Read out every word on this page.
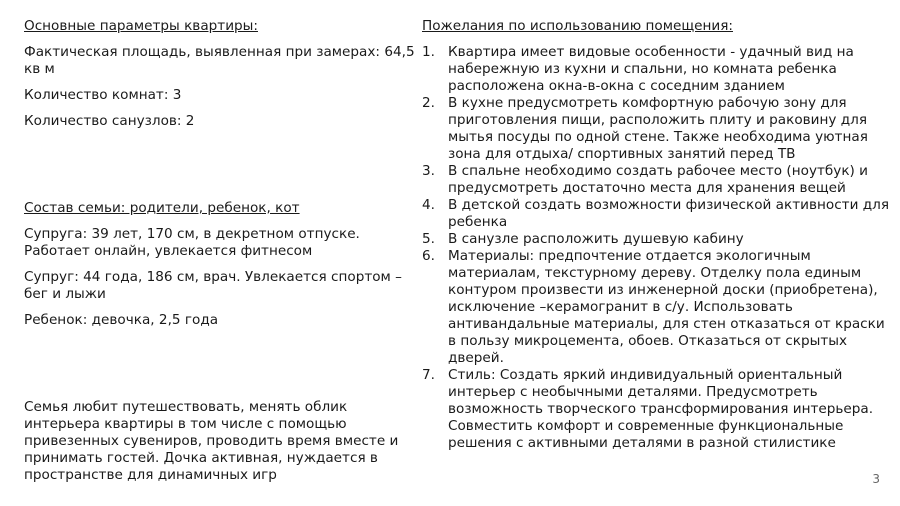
Основные параметры квартиры:

Фактическая площадь, выявленная при замерах: 64,5 кв м

Количество комнат: 3

Количество санузлов: 2

Состав семьи: родители, ребенок, кот

Супруга: 39 лет, 170 см, в декретном отпуске. Работает онлайн, увлекается фитнесом

Супруг: 44 года, 186 см, врач. Увлекается спортом – бег и лыжи

Ребенок: девочка, 2,5 года

Семья любит путешествовать, менять облик интерьера квартиры в том числе с помощью привезенных сувениров, проводить время вместе и принимать гостей. Дочка активная, нуждается в пространстве для динамичных игр

Пожелания по использованию помещения:

1. Квартира имеет видовые особенности - удачный вид на набережную из кухни и спальни, но комната ребенка расположена окна-в-окна с соседним зданием
2. В кухне предусмотреть комфортную рабочую зону для приготовления пищи, расположить плиту и раковину для мытья посуды по одной стене. Также необходима уютная зона для отдыха/ спортивных занятий перед ТВ
3. В спальне необходимо создать рабочее место (ноутбук) и предусмотреть достаточно места для хранения вещей
4. В детской создать возможности физической активности для ребенка
5. В санузле расположить душевую кабину
6. Материалы: предпочтение отдается экологичным материалам, текстурному дереву. Отделку пола единым контуром произвести из инженерной доски (приобретена), исключение –керамогранит в с/у. Использовать антивандальные материалы, для стен отказаться от краски в пользу микроцемента, обоев. Отказаться от скрытых дверей.
7. Стиль: Создать яркий индивидуальный ориентальный интерьер с необычными деталями. Предусмотреть возможность творческого трансформирования интерьера. Совместить комфорт и современные функциональные решения с активными деталями в разной стилистике
3
